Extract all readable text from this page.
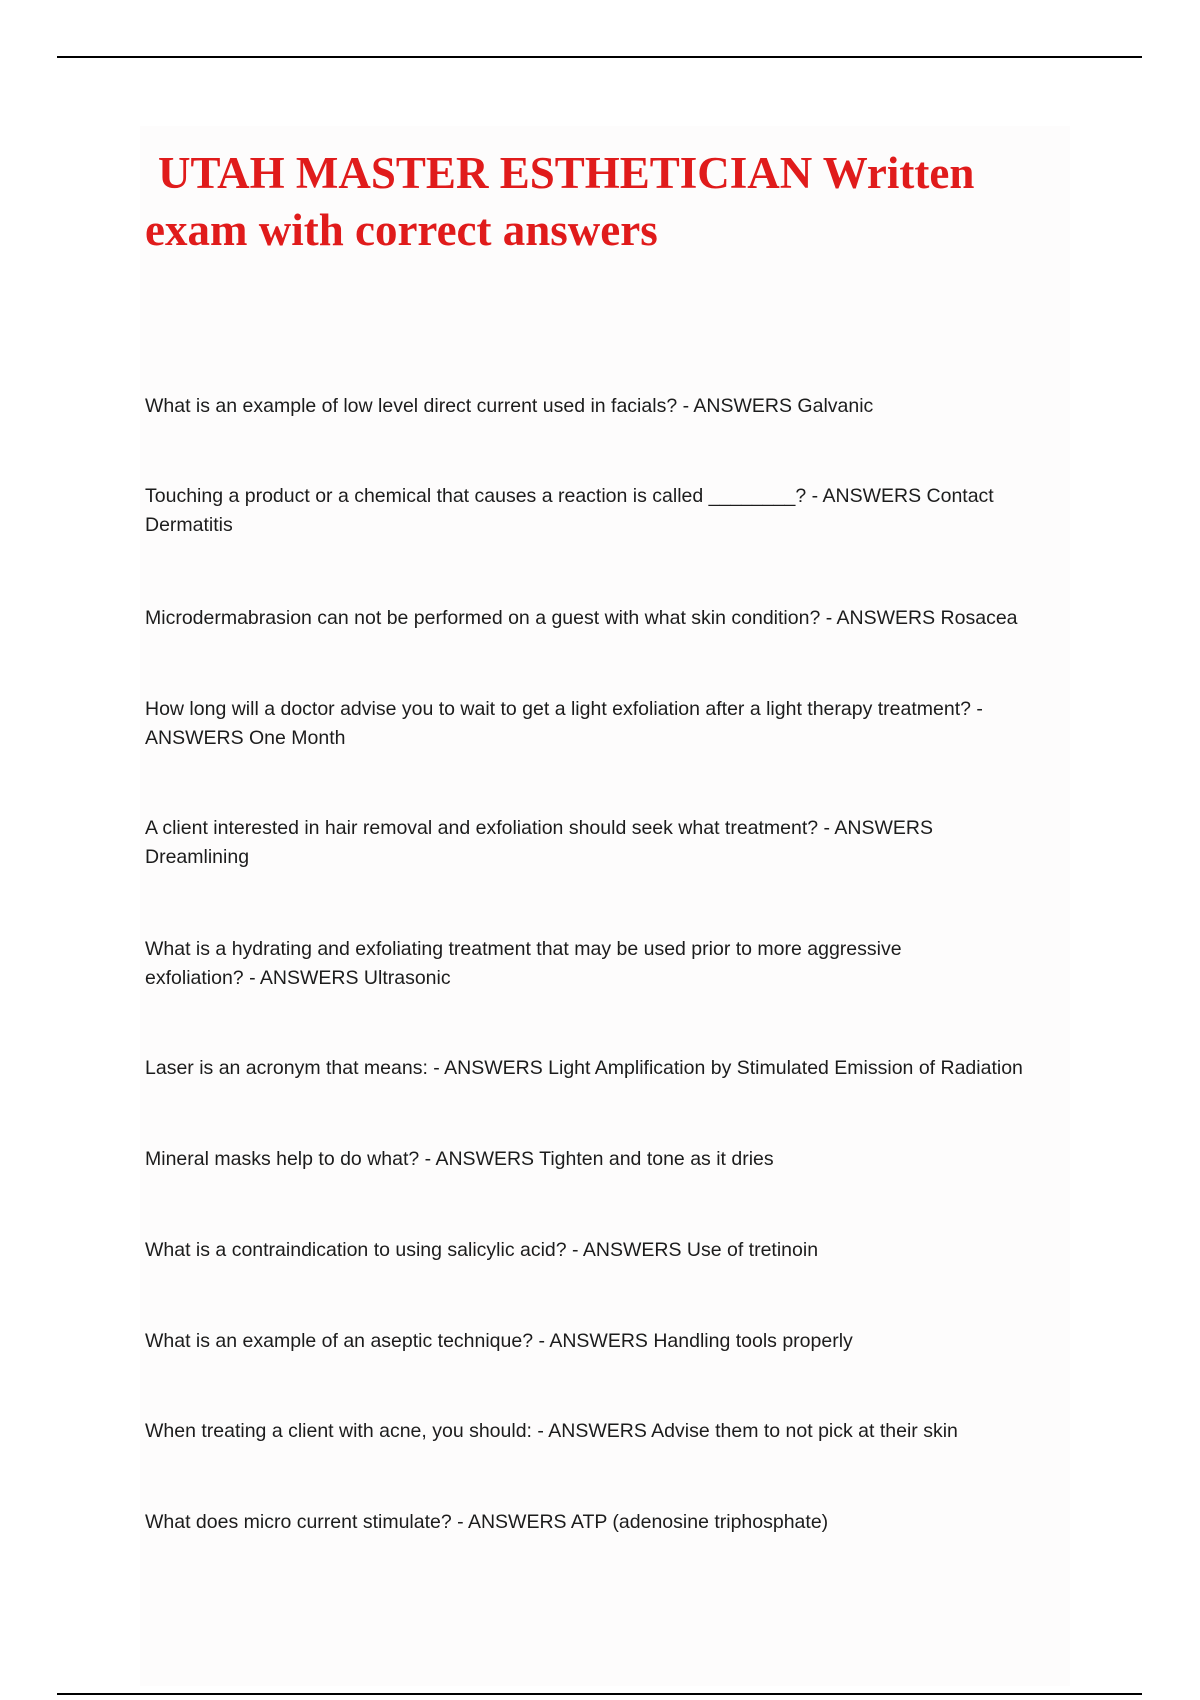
UTAH MASTER ESTHETICIAN Written
exam with correct answers
What is an example of low level direct current used in facials? - ANSWERS Galvanic
Touching a product or a chemical that causes a reaction is called ________? - ANSWERS Contact
Dermatitis
Microdermabrasion can not be performed on a guest with what skin condition? - ANSWERS Rosacea
How long will a doctor advise you to wait to get a light exfoliation after a light therapy treatment? -
ANSWERS One Month
A client interested in hair removal and exfoliation should seek what treatment? - ANSWERS
Dreamlining
What is a hydrating and exfoliating treatment that may be used prior to more aggressive
exfoliation? - ANSWERS Ultrasonic
Laser is an acronym that means: - ANSWERS Light Amplification by Stimulated Emission of Radiation
Mineral masks help to do what? - ANSWERS Tighten and tone as it dries
What is a contraindication to using salicylic acid? - ANSWERS Use of tretinoin
What is an example of an aseptic technique? - ANSWERS Handling tools properly
When treating a client with acne, you should: - ANSWERS Advise them to not pick at their skin
What does micro current stimulate? - ANSWERS ATP (adenosine triphosphate)
